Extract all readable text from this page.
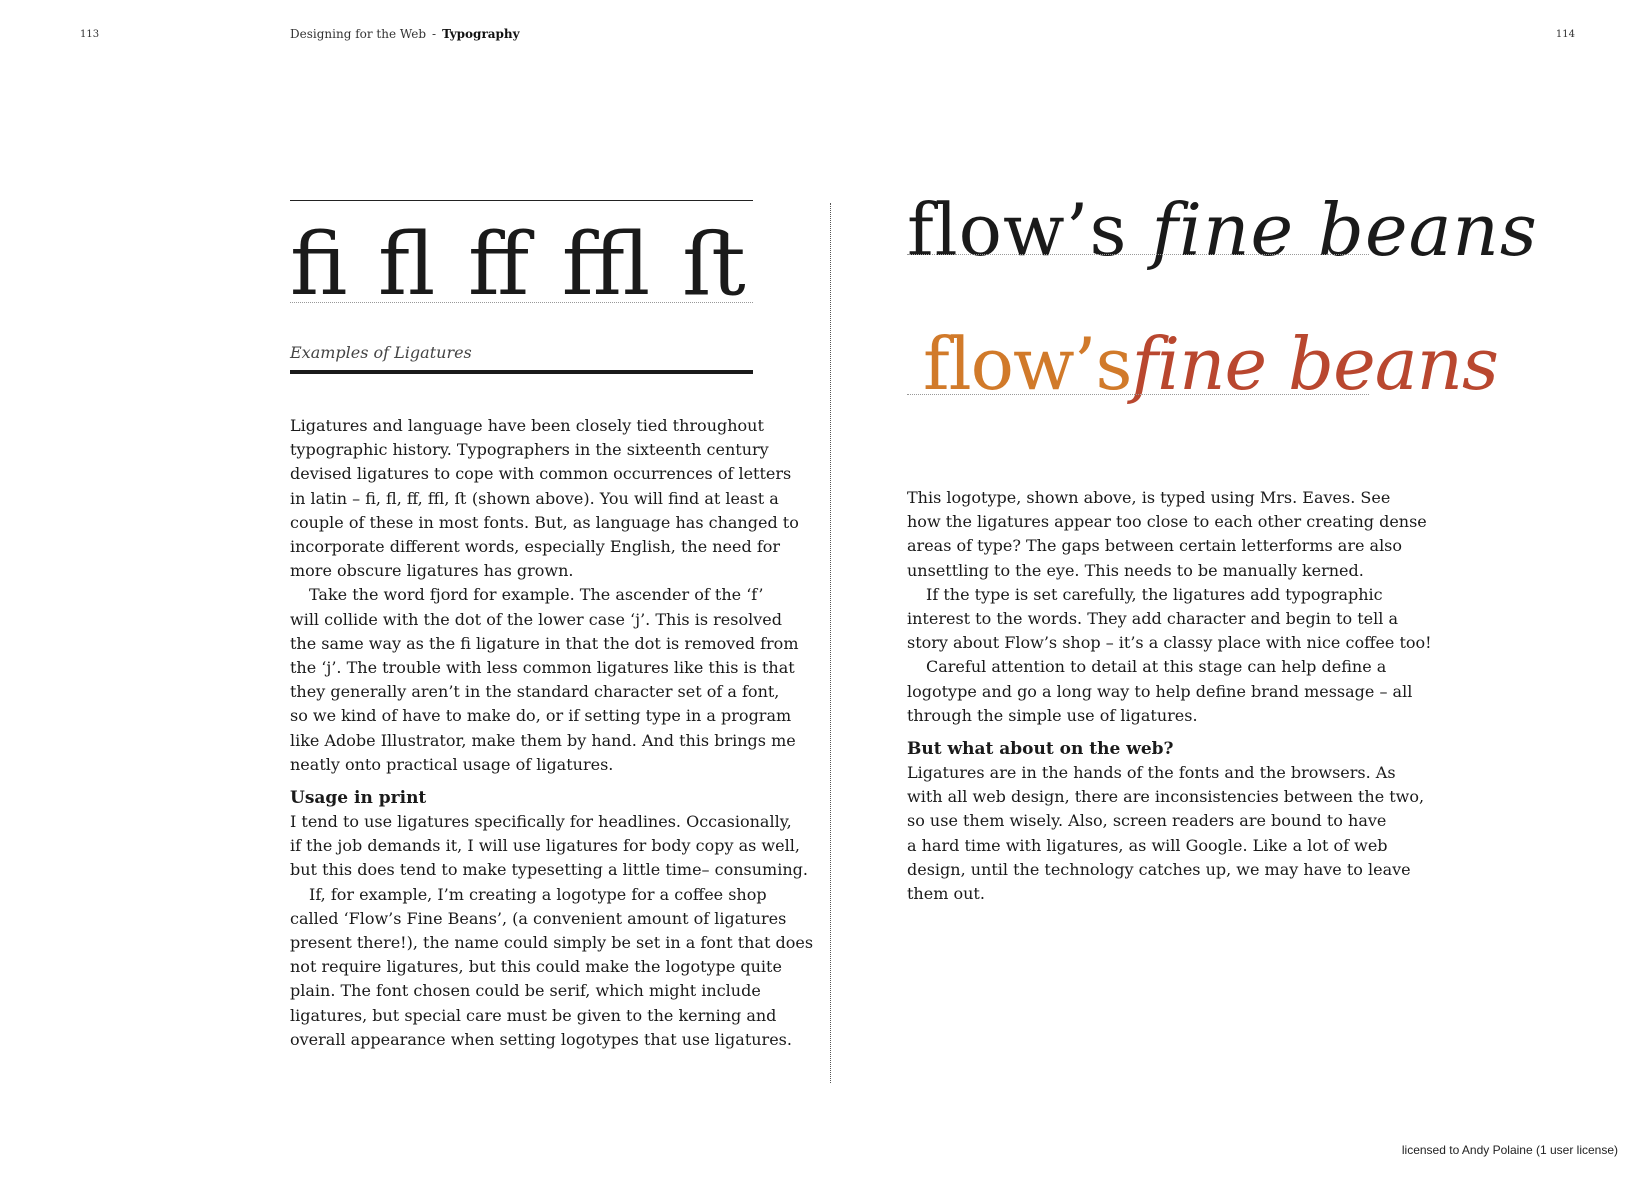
113	Designing for the Web - Typography	114
ﬁ ﬂ ﬀ ﬄ ﬅ
Examples of Ligatures

Ligatures and language have been closely tied throughout
typographic history. Typographers in the sixteenth century
devised ligatures to cope with common occurrences of letters
in latin – fi, fl, ff, ffl, ﬅ (shown above). You will find at least a
couple of these in most fonts. But, as language has changed to
incorporate different words, especially English, the need for
more obscure ligatures has grown.

Take the word fjord for example. The ascender of the ‘f’
will collide with the dot of the lower case ‘j’. This is resolved
the same way as the fi ligature in that the dot is removed from
the ‘j’. The trouble with less common ligatures like this is that
they generally aren’t in the standard character set of a font,
so we kind of have to make do, or if setting type in a program
like Adobe Illustrator, make them by hand. And this brings me
neatly onto practical usage of ligatures.

Usage in print

I tend to use ligatures specifically for headlines. Occasionally,
if the job demands it, I will use ligatures for body copy as well,
but this does tend to make typesetting a little time– consuming.

If, for example, I’m creating a logotype for a coffee shop
called ‘Flow’s Fine Beans’, (a convenient amount of ligatures
present there!), the name could simply be set in a font that does
not require ligatures, but this could make the logotype quite
plain. The font chosen could be serif, which might include
ligatures, but special care must be given to the kerning and
overall appearance when setting logotypes that use ligatures.

flow’s fine beans
flow’sfine beans

This logotype, shown above, is typed using Mrs. Eaves. See
how the ligatures appear too close to each other creating dense
areas of type? The gaps between certain letterforms are also
unsettling to the eye. This needs to be manually kerned.

If the type is set carefully, the ligatures add typographic
interest to the words. They add character and begin to tell a
story about Flow’s shop – it’s a classy place with nice coffee too!

Careful attention to detail at this stage can help define a
logotype and go a long way to help define brand message – all
through the simple use of ligatures.

But what about on the web?

Ligatures are in the hands of the fonts and the browsers. As
with all web design, there are inconsistencies between the two,
so use them wisely. Also, screen readers are bound to have
a hard time with ligatures, as will Google. Like a lot of web
design, until the technology catches up, we may have to leave
them out.

licensed to Andy Polaine (1 user license)
